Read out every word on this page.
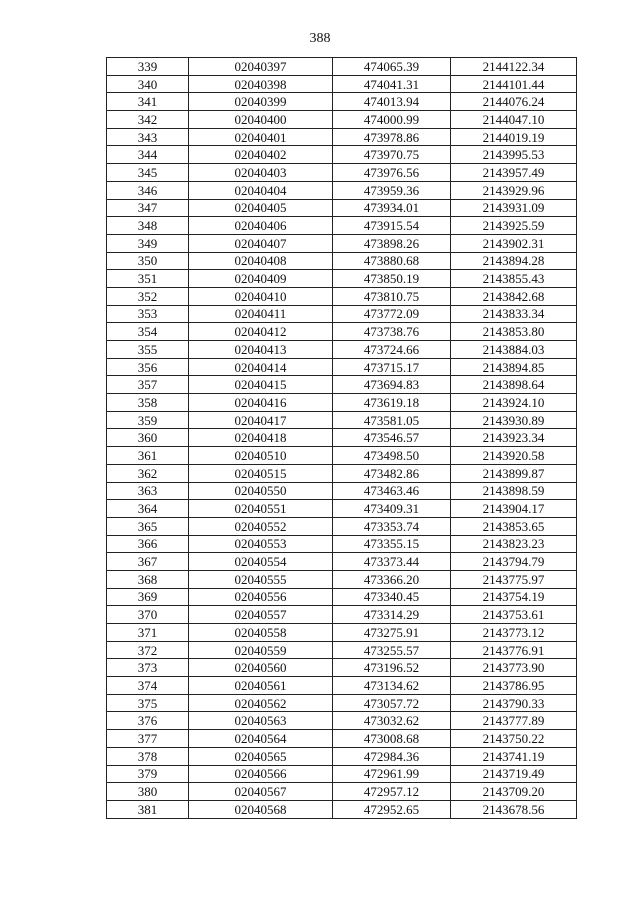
388
339	02040397	474065.39	2144122.34
340	02040398	474041.31	2144101.44
341	02040399	474013.94	2144076.24
342	02040400	474000.99	2144047.10
343	02040401	473978.86	2144019.19
344	02040402	473970.75	2143995.53
345	02040403	473976.56	2143957.49
346	02040404	473959.36	2143929.96
347	02040405	473934.01	2143931.09
348	02040406	473915.54	2143925.59
349	02040407	473898.26	2143902.31
350	02040408	473880.68	2143894.28
351	02040409	473850.19	2143855.43
352	02040410	473810.75	2143842.68
353	02040411	473772.09	2143833.34
354	02040412	473738.76	2143853.80
355	02040413	473724.66	2143884.03
356	02040414	473715.17	2143894.85
357	02040415	473694.83	2143898.64
358	02040416	473619.18	2143924.10
359	02040417	473581.05	2143930.89
360	02040418	473546.57	2143923.34
361	02040510	473498.50	2143920.58
362	02040515	473482.86	2143899.87
363	02040550	473463.46	2143898.59
364	02040551	473409.31	2143904.17
365	02040552	473353.74	2143853.65
366	02040553	473355.15	2143823.23
367	02040554	473373.44	2143794.79
368	02040555	473366.20	2143775.97
369	02040556	473340.45	2143754.19
370	02040557	473314.29	2143753.61
371	02040558	473275.91	2143773.12
372	02040559	473255.57	2143776.91
373	02040560	473196.52	2143773.90
374	02040561	473134.62	2143786.95
375	02040562	473057.72	2143790.33
376	02040563	473032.62	2143777.89
377	02040564	473008.68	2143750.22
378	02040565	472984.36	2143741.19
379	02040566	472961.99	2143719.49
380	02040567	472957.12	2143709.20
381	02040568	472952.65	2143678.56
